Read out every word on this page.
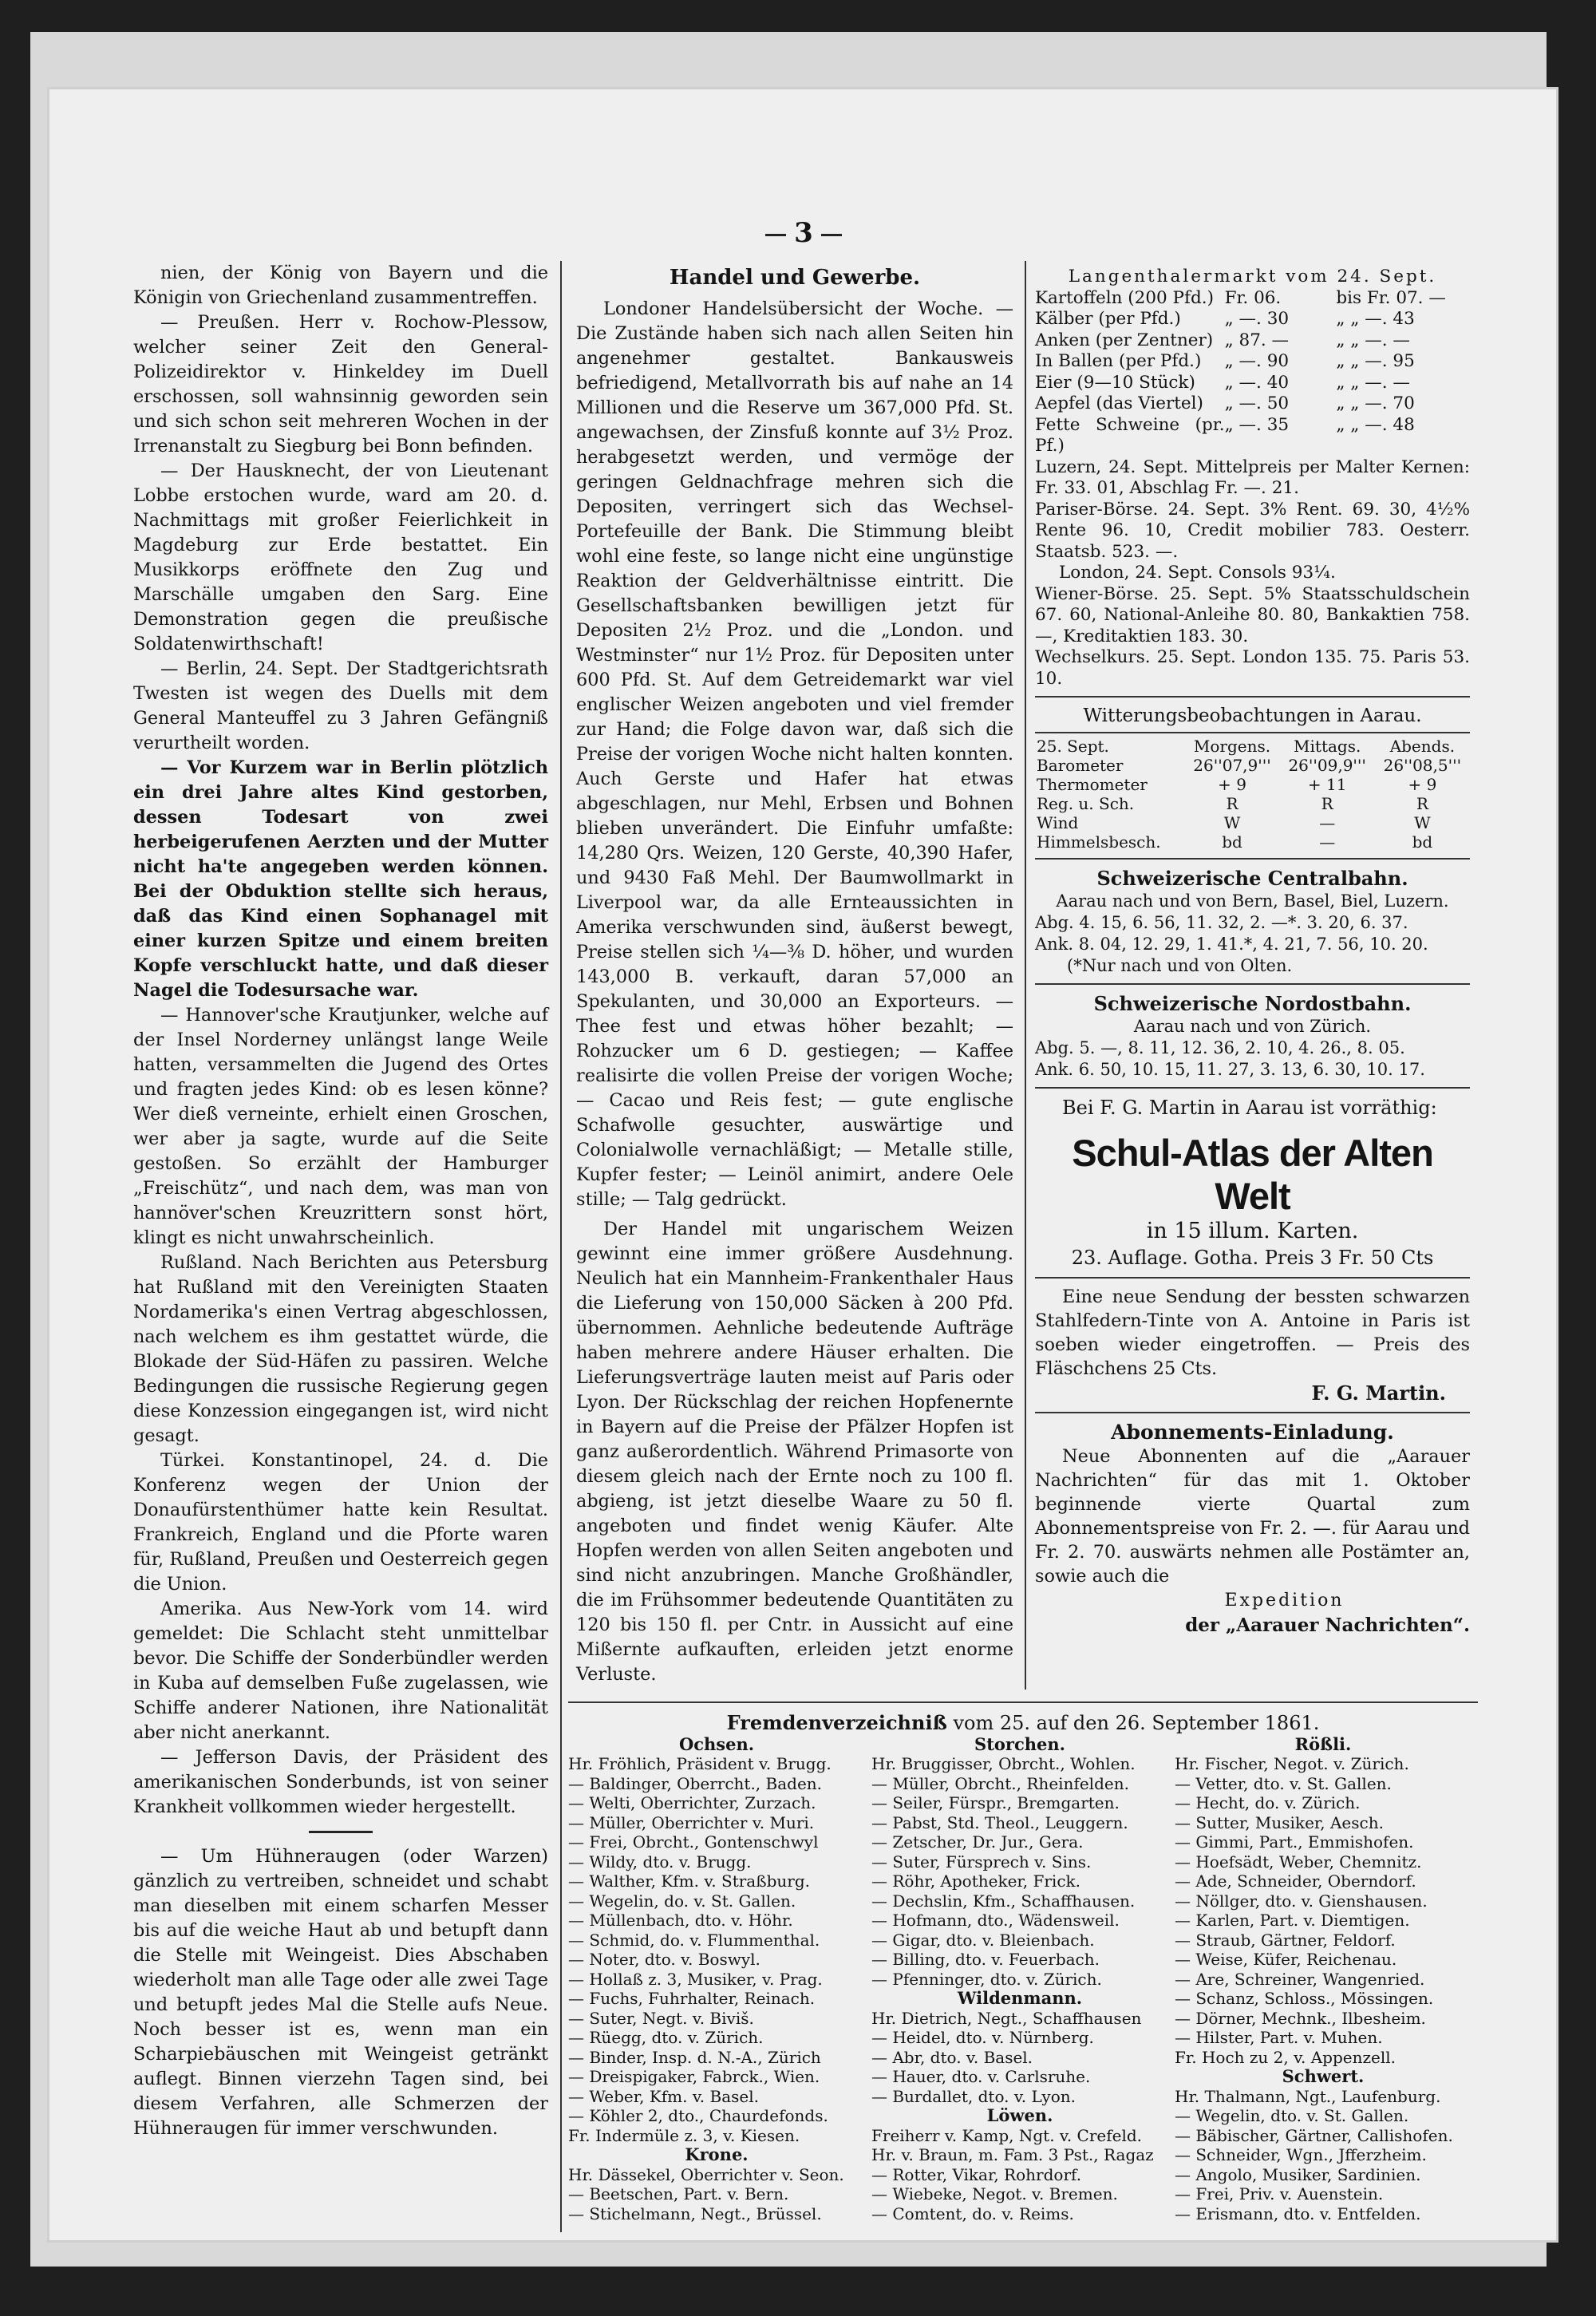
3

nien, der König von Bayern und die Königin von Griechenland zusammentreffen.

— Preußen. Herr v. Rochow-Plessow, welcher seiner Zeit den General-Polizeidirektor v. Hinkeldey im Duell erschossen, soll wahnsinnig geworden sein und sich schon seit mehreren Wochen in der Irrenanstalt zu Siegburg bei Bonn befinden.

— Der Hausknecht, der von Lieutenant Lobbe erstochen wurde, ward am 20. d. Nachmittags mit großer Feierlichkeit in Magdeburg zur Erde bestattet. Ein Musikkorps eröffnete den Zug und Marschälle umgaben den Sarg. Eine Demonstration gegen die preußische Soldatenwirthschaft!

— Berlin, 24. Sept. Der Stadtgerichtsrath Twesten ist wegen des Duells mit dem General Manteuffel zu 3 Jahren Gefängniß verurtheilt worden.

— Vor Kurzem war in Berlin plötzlich ein drei Jahre altes Kind gestorben, dessen Todesart von zwei herbeigerufenen Aerzten und der Mutter nicht ha'te angegeben werden können. Bei der Obduktion stellte sich heraus, daß das Kind einen Sophanagel mit einer kurzen Spitze und einem breiten Kopfe verschluckt hatte, und daß dieser Nagel die Todesursache war.

— Hannover'sche Krautjunker, welche auf der Insel Norderney unlängst lange Weile hatten, versammelten die Jugend des Ortes und fragten jedes Kind: ob es lesen könne? Wer dieß verneinte, erhielt einen Groschen, wer aber ja sagte, wurde auf die Seite gestoßen. So erzählt der Hamburger „Freischütz“, und nach dem, was man von hannöver'schen Kreuzrittern sonst hört, klingt es nicht unwahrscheinlich.

Rußland. Nach Berichten aus Petersburg hat Rußland mit den Vereinigten Staaten Nordamerika's einen Vertrag abgeschlossen, nach welchem es ihm gestattet würde, die Blokade der Süd-Häfen zu passiren. Welche Bedingungen die russische Regierung gegen diese Konzession eingegangen ist, wird nicht gesagt.

Türkei. Konstantinopel, 24. d. Die Konferenz wegen der Union der Donaufürstenthümer hatte kein Resultat. Frankreich, England und die Pforte waren für, Rußland, Preußen und Oesterreich gegen die Union.

Amerika. Aus New-York vom 14. wird gemeldet: Die Schlacht steht unmittelbar bevor. Die Schiffe der Sonderbündler werden in Kuba auf demselben Fuße zugelassen, wie Schiffe anderer Nationen, ihre Nationalität aber nicht anerkannt.

— Jefferson Davis, der Präsident des amerikanischen Sonderbunds, ist von seiner Krankheit vollkommen wieder hergestellt.

— Um Hühneraugen (oder Warzen) gänzlich zu vertreiben, schneidet und schabt man dieselben mit einem scharfen Messer bis auf die weiche Haut ab und betupft dann die Stelle mit Weingeist. Dies Abschaben wiederholt man alle Tage oder alle zwei Tage und betupft jedes Mal die Stelle aufs Neue. Noch besser ist es, wenn man ein Scharpiebäuschen mit Weingeist getränkt auflegt. Binnen vierzehn Tagen sind, bei diesem Verfahren, alle Schmerzen der Hühneraugen für immer verschwunden.

Handel und Gewerbe.

Londoner Handelsübersicht der Woche. — Die Zustände haben sich nach allen Seiten hin angenehmer gestaltet. Bankausweis befriedigend, Metallvorrath bis auf nahe an 14 Millionen und die Reserve um 367,000 Pfd. St. angewachsen, der Zinsfuß konnte auf 3½ Proz. herabgesetzt werden, und vermöge der geringen Geldnachfrage mehren sich die Depositen, verringert sich das Wechsel-Portefeuille der Bank. Die Stimmung bleibt wohl eine feste, so lange nicht eine ungünstige Reaktion der Geldverhältnisse eintritt. Die Gesellschaftsbanken bewilligen jetzt für Depositen 2½ Proz. und die „London. und Westminster“ nur 1½ Proz. für Depositen unter 600 Pfd. St. Auf dem Getreidemarkt war viel englischer Weizen angeboten und viel fremder zur Hand; die Folge davon war, daß sich die Preise der vorigen Woche nicht halten konnten. Auch Gerste und Hafer hat etwas abgeschlagen, nur Mehl, Erbsen und Bohnen blieben unverändert. Die Einfuhr umfaßte: 14,280 Qrs. Weizen, 120 Gerste, 40,390 Hafer, und 9430 Faß Mehl. Der Baumwollmarkt in Liverpool war, da alle Ernteaussichten in Amerika verschwunden sind, äußerst bewegt, Preise stellen sich ¼—⅜ D. höher, und wurden 143,000 B. verkauft, daran 57,000 an Spekulanten, und 30,000 an Exporteurs. — Thee fest und etwas höher bezahlt; — Rohzucker um 6 D. gestiegen; — Kaffee realisirte die vollen Preise der vorigen Woche; — Cacao und Reis fest; — gute englische Schafwolle gesuchter, auswärtige und Colonialwolle vernachläßigt; — Metalle stille, Kupfer fester; — Leinöl animirt, andere Oele stille; — Talg gedrückt.

Der Handel mit ungarischem Weizen gewinnt eine immer größere Ausdehnung. Neulich hat ein Mannheim-Frankenthaler Haus die Lieferung von 150,000 Säcken à 200 Pfd. übernommen. Aehnliche bedeutende Aufträge haben mehrere andere Häuser erhalten. Die Lieferungsverträge lauten meist auf Paris oder Lyon. Der Rückschlag der reichen Hopfenernte in Bayern auf die Preise der Pfälzer Hopfen ist ganz außerordentlich. Während Primasorte von diesem gleich nach der Ernte noch zu 100 fl. abgieng, ist jetzt dieselbe Waare zu 50 fl. angeboten und findet wenig Käufer. Alte Hopfen werden von allen Seiten angeboten und sind nicht anzubringen. Manche Großhändler, die im Frühsommer bedeutende Quantitäten zu 120 bis 150 fl. per Cntr. in Aussicht auf eine Mißernte aufkauften, erleiden jetzt enorme Verluste.

Langenthalermarkt vom 24. Sept.
Kartoffeln (200 Pfd.) Fr. 06.	bis Fr. 07. —
Kälber (per Pfd.)	„ —. 30	„ „ —. 43
Anken (per Zentner) „ 87. —	„ „ —. —
In Ballen (per Pfd.)	„ —. 90	„ „ —. 95
Eier (9—10 Stück)	„ —. 40	„ „ —. —
Aepfel (das Viertel)	„ —. 50	„ „ —. 70
Fette Schweine (pr. Pf.)
„ —. 35	„ „ —. 48
Luzern, 24. Sept. Mittelpreis per Malter Kernen: Fr. 33. 01, Abschlag Fr. —. 21.
Pariser-Börse. 24. Sept. 3% Rent. 69. 30, 4½% Rente 96. 10, Credit mobilier 783. Oesterr. Staatsb. 523. —.
London, 24. Sept. Consols 93¼.
Wiener-Börse. 25. Sept. 5% Staatsschuldschein 67. 60, National-Anleihe 80. 80, Bankaktien 758. —, Kreditaktien 183. 30.
Wechselkurs. 25. Sept. London 135. 75. Paris 53. 10.
Witterungsbeobachtungen in Aarau.
25. Sept.	Morgens.	Mittags.	Abends.
Barometer	26''07,9'''	26''09,9'''	26''08,5'''
Thermometer	+ 9	+ 11	+ 9
Reg. u. Sch.	R	R	R
Wind	W	—	W
Himmelsbesch.	bd	—	bd
Schweizerische Centralbahn.
Aarau nach und von Bern, Basel, Biel, Luzern.
Abg. 4. 15, 6. 56, 11. 32, 2. —*. 3. 20, 6. 37.
Ank. 8. 04, 12. 29, 1. 41.*, 4. 21, 7. 56, 10. 20.
(*Nur nach und von Olten.
Schweizerische Nordostbahn.
Aarau nach und von Zürich.
Abg. 5. —, 8. 11, 12. 36, 2. 10, 4. 26., 8. 05.
Ank. 6. 50, 10. 15, 11. 27, 3. 13, 6. 30, 10. 17.
Bei F. G. Martin in Aarau ist vorräthig:
Schul-Atlas der Alten Welt
in 15 illum. Karten.
23. Auflage. Gotha. Preis 3 Fr. 50 Cts

Eine neue Sendung der bessten schwarzen Stahlfedern-Tinte von A. Antoine in Paris ist soeben wieder eingetroffen. — Preis des Fläschchens 25 Cts.

F. G. Martin.
Abonnements-Einladung.

Neue Abonnenten auf die „Aarauer Nachrichten“ für das mit 1. Oktober beginnende vierte Quartal zum Abonnementspreise von Fr. 2. —. für Aarau und Fr. 2. 70. auswärts nehmen alle Postämter an, sowie auch die

Expedition
der „Aarauer Nachrichten“.
Fremdenverzeichniß vom 25. auf den 26. September 1861.
Ochsen.
Hr. Fröhlich, Präsident v. Brugg.
— Baldinger, Oberrcht., Baden.
— Welti, Oberrichter, Zurzach.
— Müller, Oberrichter v. Muri.
— Frei, Obrcht., Gontenschwyl
— Wildy, dto. v. Brugg.
— Walther, Kfm. v. Straßburg.
— Wegelin, do. v. St. Gallen.
— Müllenbach, dto. v. Höhr.
— Schmid, do. v. Flummenthal.
— Noter, dto. v. Boswyl.
— Hollaß z. 3, Musiker, v. Prag.
— Fuchs, Fuhrhalter, Reinach.
— Suter, Negt. v. Biviš.
— Rüegg, dto. v. Zürich.
— Binder, Insp. d. N.-A., Zürich
— Dreispigaker, Fabrck., Wien.
— Weber, Kfm. v. Basel.
— Köhler 2, dto., Chaurdefonds.
Fr. Indermüle z. 3, v. Kiesen.
Krone.
Hr. Dässekel, Oberrichter v. Seon.
— Beetschen, Part. v. Bern.
— Stichelmann, Negt., Brüssel.
Storchen.
Hr. Bruggisser, Obrcht., Wohlen.
— Müller, Obrcht., Rheinfelden.
— Seiler, Fürspr., Bremgarten.
— Pabst, Std. Theol., Leuggern.
— Zetscher, Dr. Jur., Gera.
— Suter, Fürsprech v. Sins.
— Röhr, Apotheker, Frick.
— Dechslin, Kfm., Schaffhausen.
— Hofmann, dto., Wädensweil.
— Gigar, dto. v. Bleienbach.
— Billing, dto. v. Feuerbach.
— Pfenninger, dto. v. Zürich.
Wildenmann.
Hr. Dietrich, Negt., Schaffhausen
— Heidel, dto. v. Nürnberg.
— Abr, dto. v. Basel.
— Hauer, dto. v. Carlsruhe.
— Burdallet, dto. v. Lyon.
Löwen.
Freiherr v. Kamp, Ngt. v. Crefeld.
Hr. v. Braun, m. Fam. 3 Pst., Ragaz
— Rotter, Vikar, Rohrdorf.
— Wiebeke, Negot. v. Bremen.
— Comtent, do. v. Reims.
Rößli.
Hr. Fischer, Negot. v. Zürich.
— Vetter, dto. v. St. Gallen.
— Hecht, do. v. Zürich.
— Sutter, Musiker, Aesch.
— Gimmi, Part., Emmishofen.
— Hoefsädt, Weber, Chemnitz.
— Ade, Schneider, Oberndorf.
— Nöllger, dto. v. Gienshausen.
— Karlen, Part. v. Diemtigen.
— Straub, Gärtner, Feldorf.
— Weise, Küfer, Reichenau.
— Are, Schreiner, Wangenried.
— Schanz, Schloss., Mössingen.
— Dörner, Mechnk., Ilbesheim.
— Hilster, Part. v. Muhen.
Fr. Hoch zu 2, v. Appenzell.
Schwert.
Hr. Thalmann, Ngt., Laufenburg.
— Wegelin, dto. v. St. Gallen.
— Bäbischer, Gärtner, Callishofen.
— Schneider, Wgn., Jfferzheim.
— Angolo, Musiker, Sardinien.
— Frei, Priv. v. Auenstein.
— Erismann, dto. v. Entfelden.
